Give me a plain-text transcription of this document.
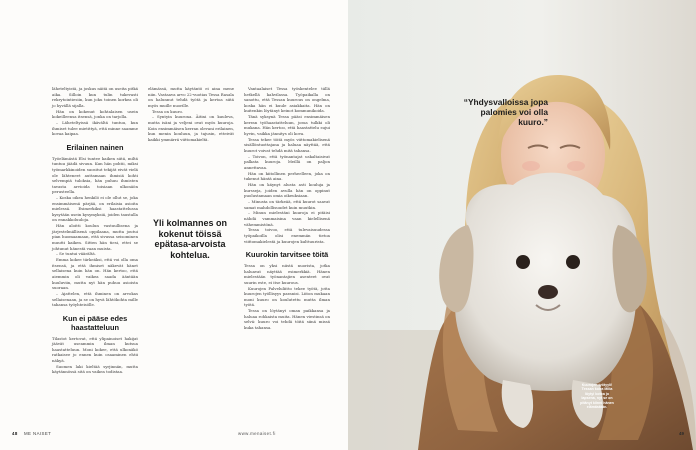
läheteltyistä, ja joskus näitä on useita pitkä aika. Silloin kun tulin tukevasti rekrytointiesiin, kun joku toinen korkea oli jo hyvällä sijalla.

Hän on kokenut kohtalaisen usein kokeilleensa itsensä, jonka on tarjolla.

– Läheteltyissä ikävältä tuntuu, kun ihmiset tulee mietittyä, että minne saamme kovaa kaipaa.

Erilainen nainen

Työelämästä Elsi tuntee kaiken siitä, miltä tuntuu jäädä sivuun. Kun hän pohtii, miksi työmarkkinoiden suositut tekijät eivät vielä ole lähteneet auttamaan ihmisiä kohti selvempiä tuloksia, hän puhuu ihmisten tavasta arvioida toisiaan ulkonäön perusteella.

– Koska oikea henkilö ei ole ollut se, joka ensimmäisenä pärjää, on erilaisia asioita mielessä. Esimerkiksi haastattelussa kysytään usein kysymyksiä, joiden taustalla on ennakkoluuloja.

Hän aloitti koulun vastuullisena ja järjestelmällisenä oppilaana, mutta joutui pian huomaamaan, että sivussa seisominen muutti kaiken. Sitten hän tiesi, ettei se johtunut hänestä vaan muista.

– Se tuntui väärältä.

Emma kokee tärkeäksi, että voi olla oma itsensä, ja että ihmiset näkevät hänet sellaisena kuin hän on. Hän kertoo, että aiemmin oli vaikea saada ääntään kuuluviin, mutta nyt hän puhuu asioista suoraan.

– Ajattelen, että ihminen on arvokas sellaisenaan, ja se on hyvä lähtökohta mille tahansa työyhteisölle.

Kun ei pääse edes haastatteluun

Tilastot kertovat, että ylipainoiset hakijat jäävät useammin ilman kutsua haastatteluun. Moni kokee, että ulkonäkö ratkaisee jo ennen kuin osaaminen ehtii näkyä.

Suomen laki kieltää syrjinnän, mutta käytännössä sitä on vaikea todistaa.

elämässä, mutta käytäntö ei aina mene niin. Vastaava arvo 22-vuotias Tessa Rasala on halunnut tehdä työtä ja kertoa siitä myös muille nuorille.

Tessa on kuuro.

– Syntyin kuurona. Äitini on kuuleva, mutta isäni ja veljeni ovat myös kuuroja. Koin ensimmäisen kerran olevani erilainen, kun menin kouluun, ja tajusin, etteivät kaikki ymmärrä viittomakieltä.

Vantaalaiset Tessa työskentelee tällä hetkellä kahvilassa. Työpaikalla on sanottu, että Tessan kuurous on ongelma, koska hän ei kuule asiakkaita. Hän on kuitenkin löytänyt keinot kommunikoida.

Tänä syksynä Tessa pääsi ensimmäisen kerran työhaastatteluun, jossa tulkki oli mukana. Hän kertoo, että haastattelu sujui hyvin, vaikka jännitys oli kova.

Tessa tekee töitä myös viittomakielisenä sisällöntuottajana ja haluaa näyttää, että kuurot voivat tehdä mitä tahansa.

– Toivon, että työnantajat uskaltaisivat palkata kuuroja. Meillä on paljon annettavaa.

Hän on kiitollinen perheelleen, joka on tukenut häntä aina.

Hän on käynyt alusta asti kouluja ja kursseja, joiden avulla hän on oppinut puolustamaan omia oikeuksiaan.

– Minusta on tärkeää, että kuurot saavat samat mahdollisuudet kuin muutkin.

– Minun mielestäni kuuroja ei pitäisi nähdä vammaisina vaan kielellisenä vähemmistönä.

Tessa toivoo, että tulevaisuudessa työpaikoilla olisi enemmän tietoa viittomakielestä ja kuurojen kulttuurista.

Kuurokin tarvitsee töitä

Tessa on yksi niistä nuorista, jotka haluavat näyttää esimerkkiä. Hänen mielestään työnantajien asenteet ovat suurin este, ei itse kuurous.

Kuurojen Palveluliitto tekee työtä, jotta kuurojen työllisyys paranisi. Liiton mukaan moni kuuro on koulutettu mutta ilman työtä.

Tessa on löytänyt oman paikkansa ja haluaa rohkaista muita. Hänen viestinsä on selvä: kuuro voi tehdä töitä siinä missä kuka tahansa.

Yli kolmannes on kokenut töissä epätasa-arvoista kohtelua.
48 ME NAISET	www.menaiset.fi
“Yhdysvalloissa jopa palomies voi olla kuuro.”
Kuurojen työtyyli! Tessan koira Milla löytyi kotoa jo lapsena, nyt se on pitänyt kiinni hänen elämästään.
49
